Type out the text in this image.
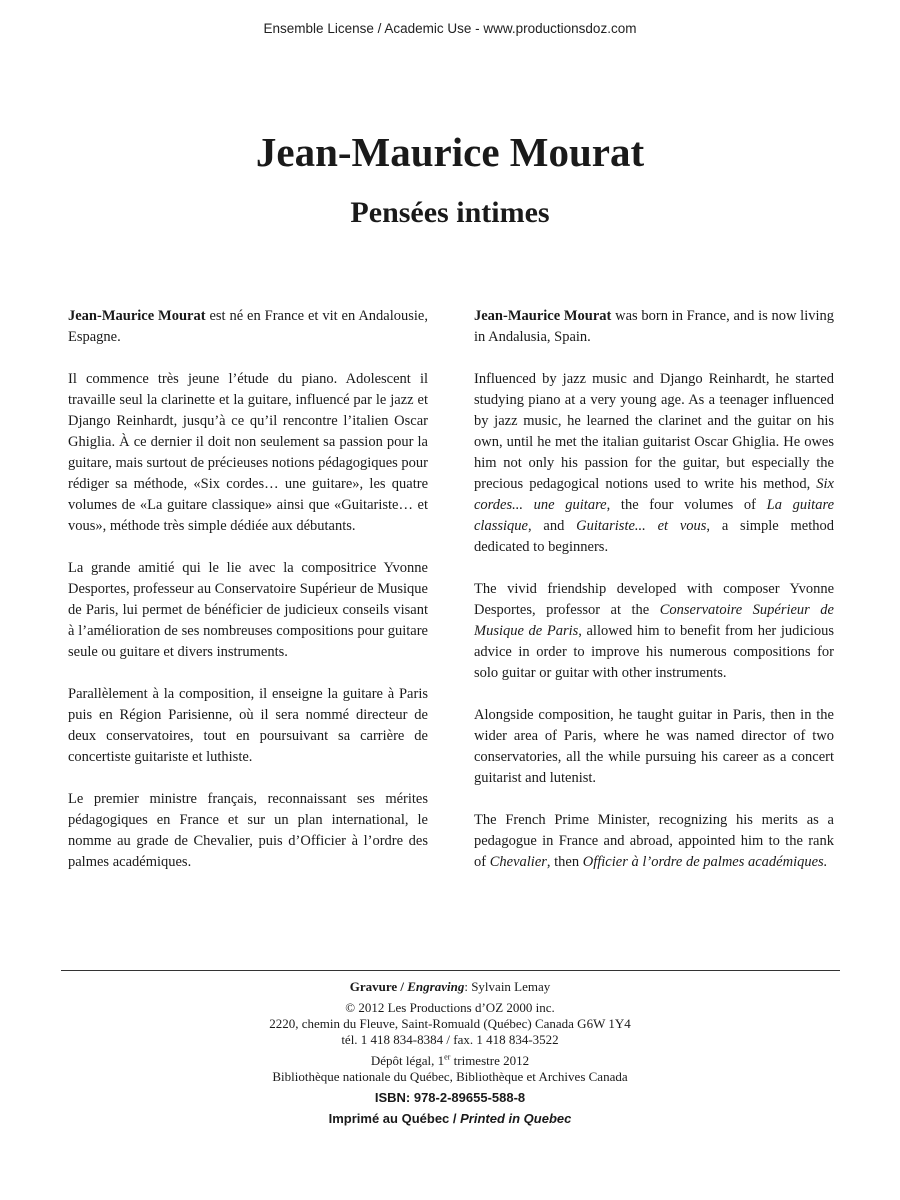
Ensemble License / Academic Use - www.productionsdoz.com
Jean-Maurice Mourat
Pensées intimes

Jean-Maurice Mourat est né en France et vit en Andalousie, Espagne.

Il commence très jeune l’étude du piano. Adolescent il travaille seul la clarinette et la guitare, influencé par le jazz et Django Reinhardt, jusqu’à ce qu’il rencontre l’italien Oscar Ghiglia. À ce dernier il doit non seulement sa passion pour la guitare, mais surtout de précieuses notions pédagogiques pour rédiger sa méthode, «Six cordes… une guitare», les quatre volumes de «La guitare classique» ainsi que «Guitariste… et vous», méthode très simple dédiée aux débutants.

La grande amitié qui le lie avec la compositrice Yvonne Desportes, professeur au Conservatoire Supérieur de Musique de Paris, lui permet de bénéficier de judicieux conseils visant à l’amélioration de ses nombreuses compositions pour guitare seule ou guitare et divers instruments.

Parallèlement à la composition, il enseigne la guitare à Paris puis en Région Parisienne, où il sera nommé directeur de deux conservatoires, tout en poursuivant sa carrière de concertiste guitariste et luthiste.

Le premier ministre français, reconnaissant ses mérites pédagogiques en France et sur un plan international, le nomme au grade de Chevalier, puis d’Officier à l’ordre des palmes académiques.

Jean-Maurice Mourat was born in France, and is now living in Andalusia, Spain.

Influenced by jazz music and Django Reinhardt, he started studying piano at a very young age. As a teenager influenced by jazz music, he learned the clarinet and the guitar on his own, until he met the italian guitarist Oscar Ghiglia. He owes him not only his passion for the guitar, but especially the precious pedagogical notions used to write his method, Six cordes... une guitare, the four volumes of La guitare classique, and Guitariste... et vous, a simple method dedicated to beginners.

The vivid friendship developed with composer Yvonne Desportes, professor at the Conservatoire Supérieur de Musique de Paris, allowed him to benefit from her judicious advice in order to improve his numerous compositions for solo guitar or guitar with other instruments.

Alongside composition, he taught guitar in Paris, then in the wider area of Paris, where he was named director of two conservatories, all the while pursuing his career as a concert guitarist and lutenist.

The French Prime Minister, recognizing his merits as a pedagogue in France and abroad, appointed him to the rank of Chevalier, then Officier à l’ordre de palmes académiques.

Gravure / Engraving: Sylvain Lemay
© 2012 Les Productions d’OZ 2000 inc.
2220, chemin du Fleuve, Saint-Romuald (Québec) Canada G6W 1Y4
tél. 1 418 834-8384 / fax. 1 418 834-3522
Dépôt légal, 1er trimestre 2012
Bibliothèque nationale du Québec, Bibliothèque et Archives Canada
ISBN: 978-2-89655-588-8
Imprimé au Québec / Printed in Quebec
